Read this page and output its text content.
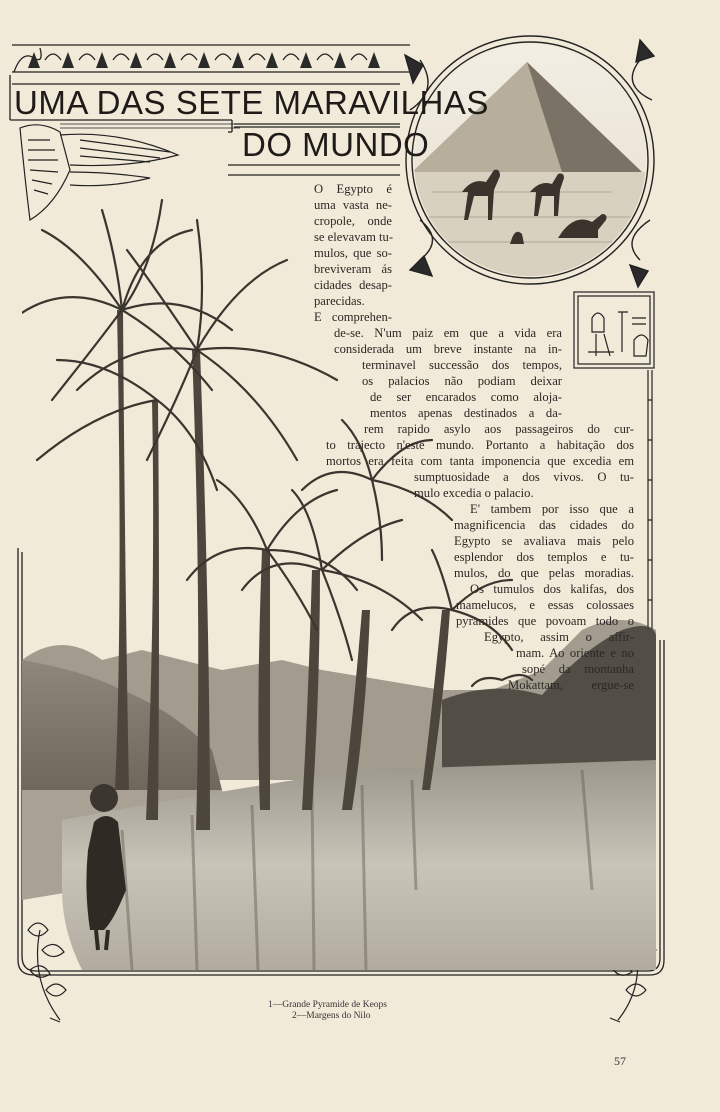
UMA DAS SETE MARAVILHAS
DO MUNDO
O Egypto é
uma vasta ne-
cropole, onde
se elevavam tu-
mulos, que so-
breviveram ás
cidades desap-
parecidas.
E comprehen-
de-se. N'um paiz em que a vida era
considerada um breve instante na in-
terminavel successão dos tempos,
os palacios não podiam deixar
de ser encarados como aloja-
mentos apenas destinados a da-
rem rapido asylo aos passageiros do cur-
to trajecto n'este mundo. Portanto a habitação dos
mortos era feita com tanta imponencia que excedia em
sumptuosidade a dos vivos. O tu-
mulo excedia o palacio.
E' tambem por isso que a
magnificencia das cidades do
Egypto se avaliava mais pelo
esplendor dos templos e tu-
mulos, do que pelas moradias.
Os tumulos dos kalifas, dos
mamelucos, e essas colossaes
pyramides que povoam todo o
Egypto, assim o affir-
mam. Ao oriente e no
sopé da montanha
Mokattam, ergue-se
1—Grande Pyramide de Keops
2—Margens do Nilo
57
